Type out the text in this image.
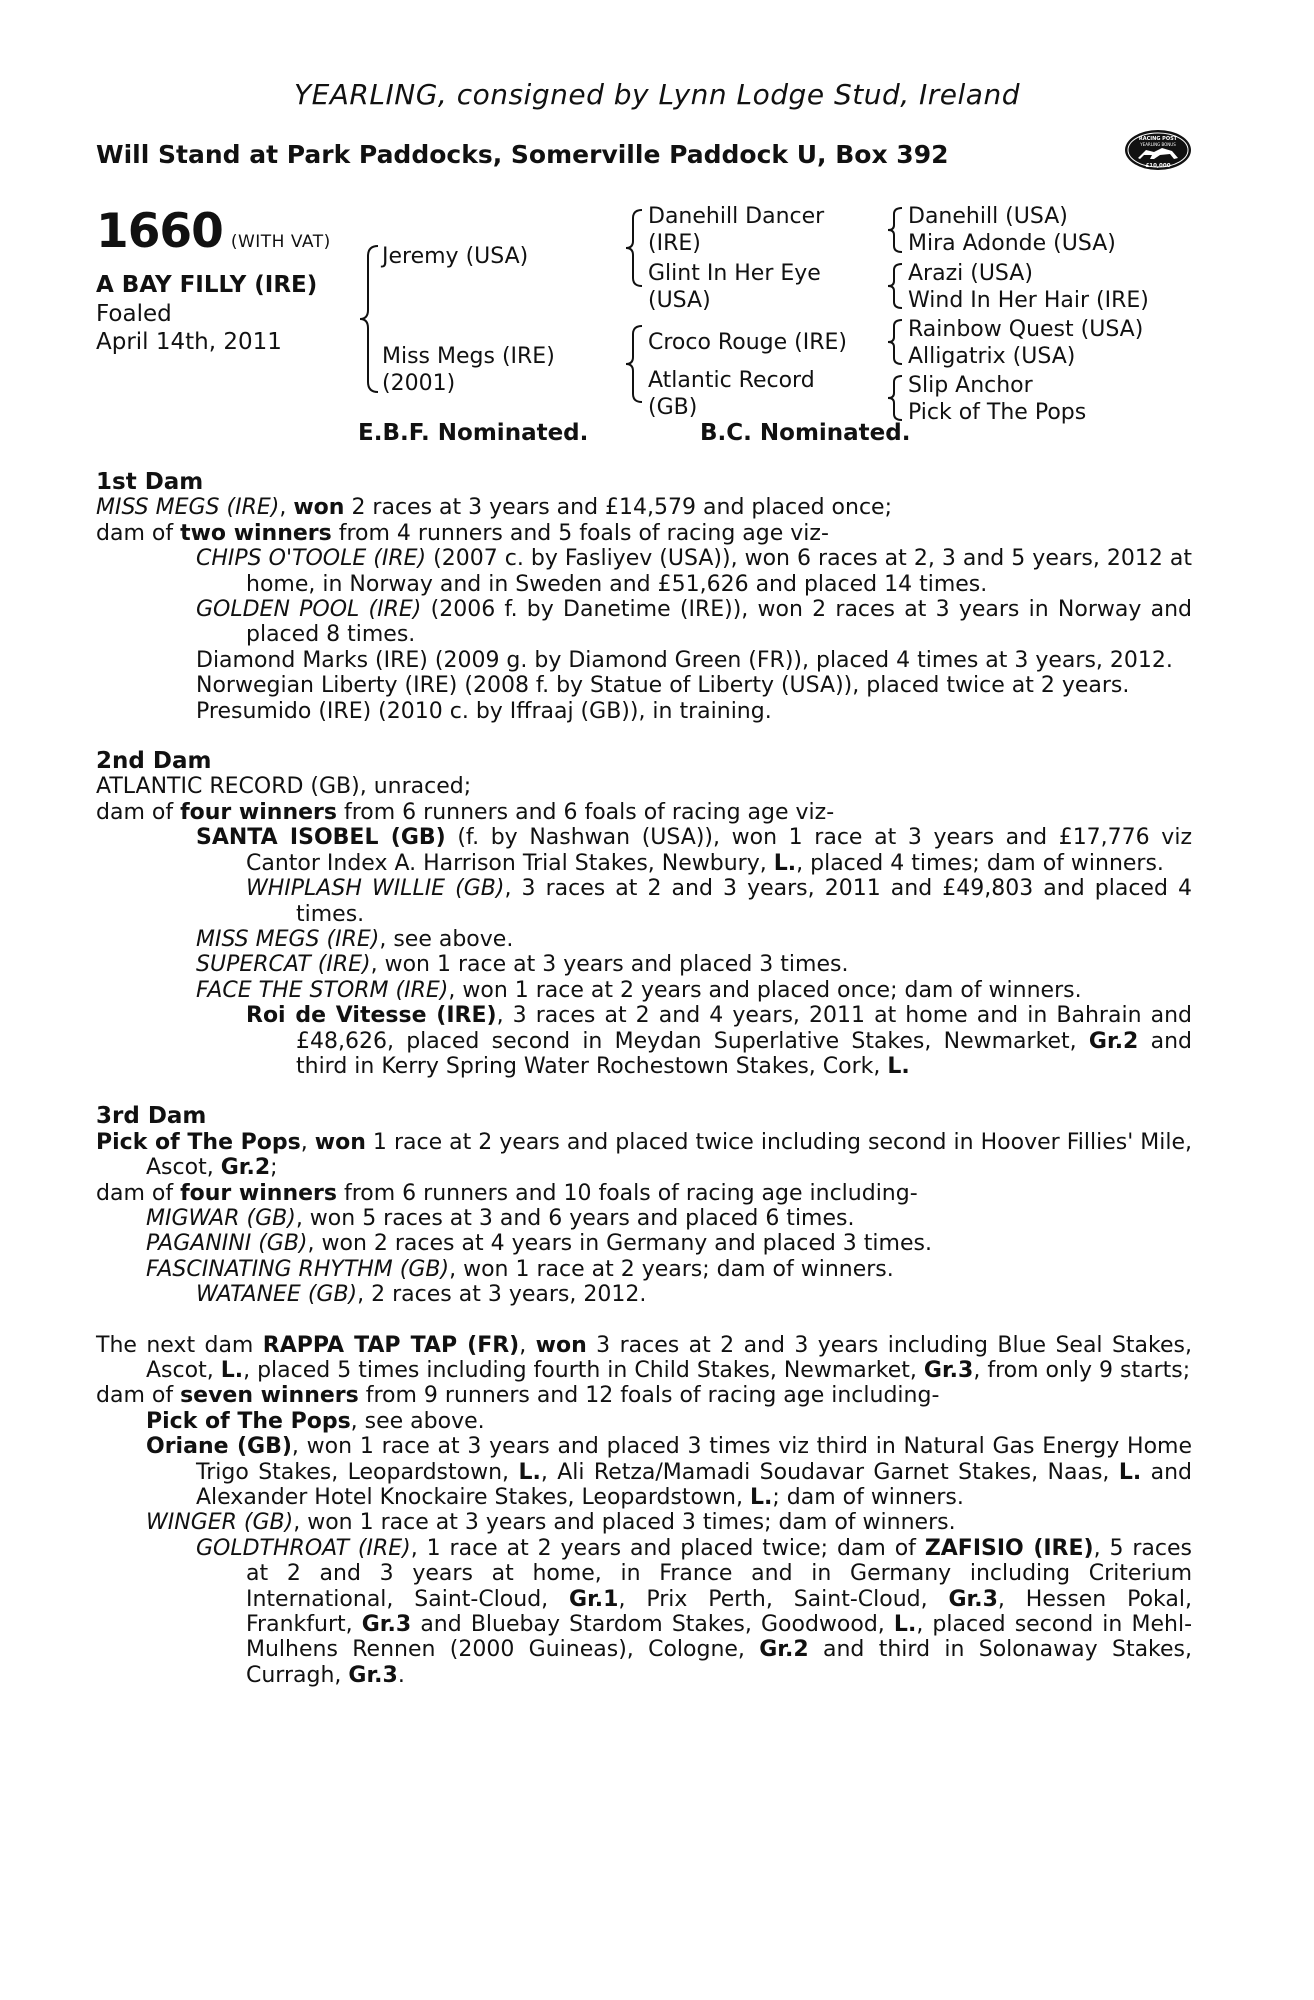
YEARLING, consigned by Lynn Lodge Stud, Ireland
Will Stand at Park Paddocks, Somerville Paddock U, Box 392
RACING POST
YEARLING BONUS
£10,000
1660 (WITH VAT)
A BAY FILLY (IRE)
Foaled
April 14th, 2011
Jeremy (USA)
Miss Megs (IRE)
(2001)
Danehill Dancer
(IRE)
Glint In Her Eye
(USA)
Croco Rouge (IRE)
Atlantic Record
(GB)
Danehill (USA)
Mira Adonde (USA)
Arazi (USA)
Wind In Her Hair (IRE)
Rainbow Quest (USA)
Alligatrix (USA)
Slip Anchor
Pick of The Pops
E.B.F. Nominated.	B.C. Nominated.
1st Dam
MISS MEGS (IRE), won 2 races at 3 years and £14,579 and placed once;
dam of two winners from 4 runners and 5 foals of racing age viz-
CHIPS O'TOOLE (IRE) (2007 c. by Fasliyev (USA)), won 6 races at 2, 3 and 5 years, 2012 at home, in Norway and in Sweden and £51,626 and placed 14 times.
GOLDEN POOL (IRE) (2006 f. by Danetime (IRE)), won 2 races at 3 years in Norway and placed 8 times.
Diamond Marks (IRE) (2009 g. by Diamond Green (FR)), placed 4 times at 3 years, 2012.
Norwegian Liberty (IRE) (2008 f. by Statue of Liberty (USA)), placed twice at 2 years.
Presumido (IRE) (2010 c. by Iffraaj (GB)), in training.
2nd Dam
ATLANTIC RECORD (GB), unraced;
dam of four winners from 6 runners and 6 foals of racing age viz-
SANTA ISOBEL (GB) (f. by Nashwan (USA)), won 1 race at 3 years and £17,776 viz Cantor Index A. Harrison Trial Stakes, Newbury, L., placed 4 times; dam of winners.
WHIPLASH WILLIE (GB), 3 races at 2 and 3 years, 2011 and £49,803 and placed 4 times.
MISS MEGS (IRE), see above.
SUPERCAT (IRE), won 1 race at 3 years and placed 3 times.
FACE THE STORM (IRE), won 1 race at 2 years and placed once; dam of winners.
Roi de Vitesse (IRE), 3 races at 2 and 4 years, 2011 at home and in Bahrain and £48,626, placed second in Meydan Superlative Stakes, Newmarket, Gr.2 and third in Kerry Spring Water Rochestown Stakes, Cork, L.
3rd Dam
Pick of The Pops, won 1 race at 2 years and placed twice including second in Hoover Fillies' Mile, Ascot, Gr.2;
dam of four winners from 6 runners and 10 foals of racing age including-
MIGWAR (GB), won 5 races at 3 and 6 years and placed 6 times.
PAGANINI (GB), won 2 races at 4 years in Germany and placed 3 times.
FASCINATING RHYTHM (GB), won 1 race at 2 years; dam of winners.
WATANEE (GB), 2 races at 3 years, 2012.
The next dam RAPPA TAP TAP (FR), won 3 races at 2 and 3 years including Blue Seal Stakes, Ascot, L., placed 5 times including fourth in Child Stakes, Newmarket, Gr.3, from only 9 starts;
dam of seven winners from 9 runners and 12 foals of racing age including-
Pick of The Pops, see above.
Oriane (GB), won 1 race at 3 years and placed 3 times viz third in Natural Gas Energy Home Trigo Stakes, Leopardstown, L., Ali Retza/Mamadi Soudavar Garnet Stakes, Naas, L. and Alexander Hotel Knockaire Stakes, Leopardstown, L.; dam of winners.
WINGER (GB), won 1 race at 3 years and placed 3 times; dam of winners.
GOLDTHROAT (IRE), 1 race at 2 years and placed twice; dam of ZAFISIO (IRE), 5 races at 2 and 3 years at home, in France and in Germany including Criterium International, Saint-Cloud, Gr.1, Prix Perth, Saint-Cloud, Gr.3, Hessen Pokal, Frankfurt, Gr.3 and Bluebay Stardom Stakes, Goodwood, L., placed second in Mehl-Mulhens Rennen (2000 Guineas), Cologne, Gr.2 and third in Solonaway Stakes, Curragh, Gr.3.
